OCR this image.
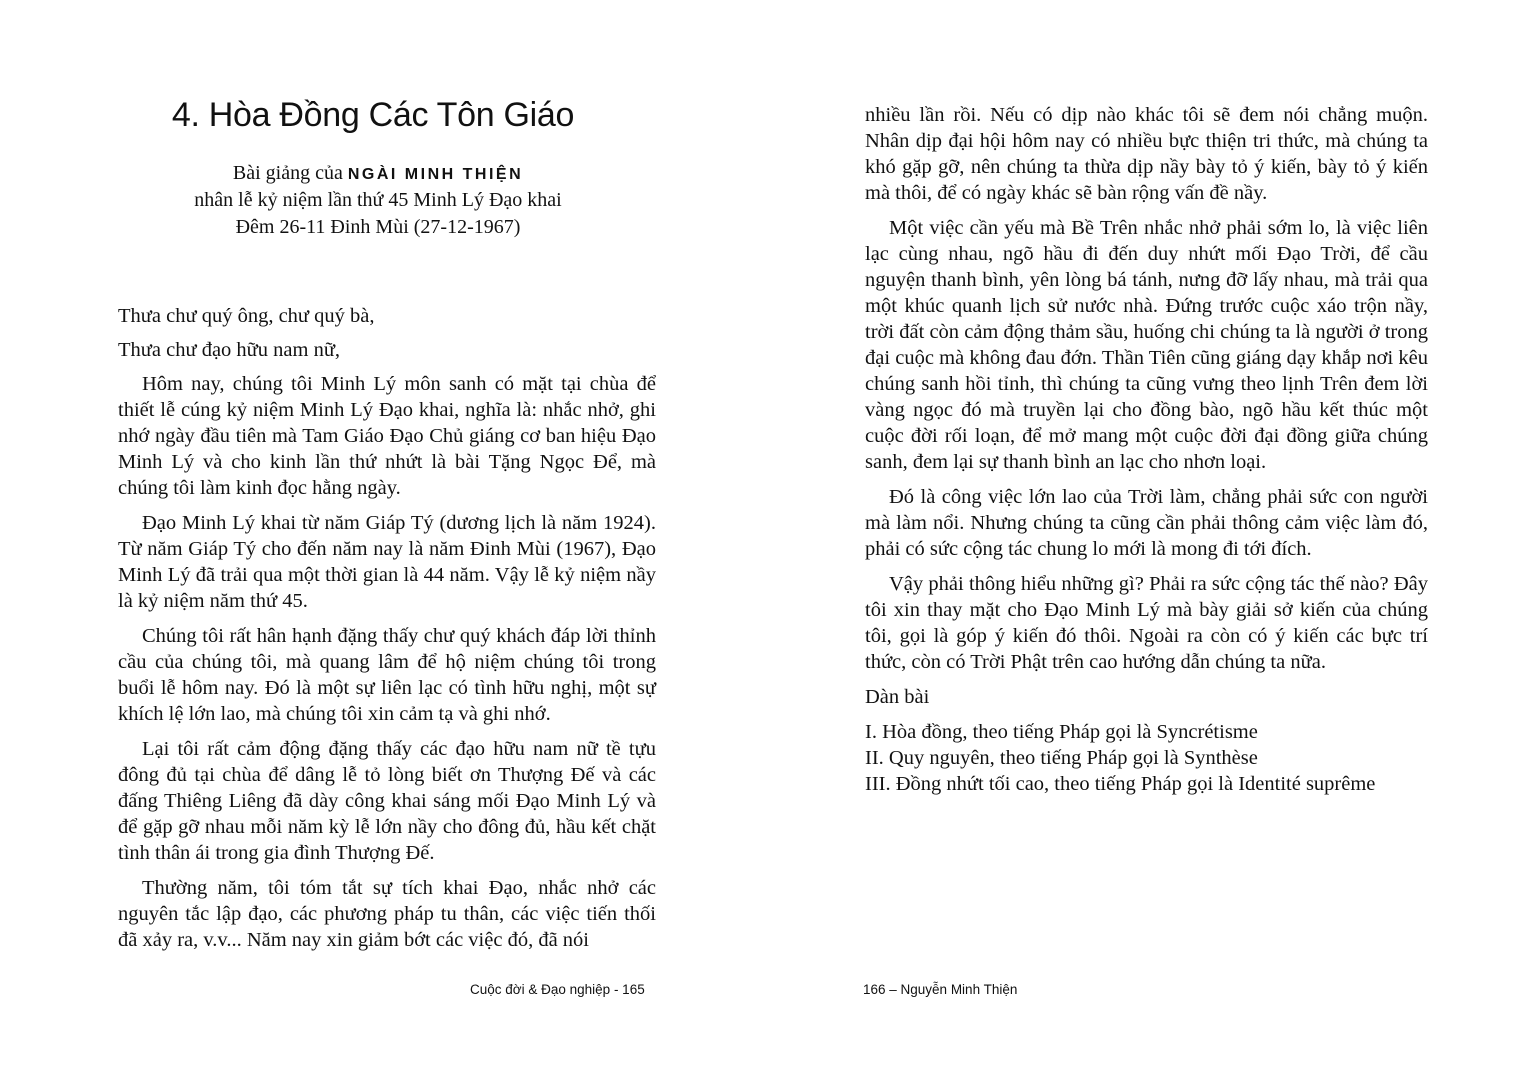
4. Hòa Đồng Các Tôn Giáo
Bài giảng của NGÀI MINH THIỆN
nhân lễ kỷ niệm lần thứ 45 Minh Lý Đạo khai
Đêm 26-11 Đinh Mùi (27-12-1967)

Thưa chư quý ông, chư quý bà,

Thưa chư đạo hữu nam nữ,

Hôm nay, chúng tôi Minh Lý môn sanh có mặt tại chùa để thiết lễ cúng kỷ niệm Minh Lý Đạo khai, nghĩa là: nhắc nhở, ghi nhớ ngày đầu tiên mà Tam Giáo Đạo Chủ giáng cơ ban hiệu Đạo Minh Lý và cho kinh lần thứ nhứt là bài Tặng Ngọc Để, mà chúng tôi làm kinh đọc hằng ngày.

Đạo Minh Lý khai từ năm Giáp Tý (dương lịch là năm 1924). Từ năm Giáp Tý cho đến năm nay là năm Đinh Mùi (1967), Đạo Minh Lý đã trải qua một thời gian là 44 năm. Vậy lễ kỷ niệm nầy là kỷ niệm năm thứ 45.

Chúng tôi rất hân hạnh đặng thấy chư quý khách đáp lời thỉnh cầu của chúng tôi, mà quang lâm để hộ niệm chúng tôi trong buổi lễ hôm nay. Đó là một sự liên lạc có tình hữu nghị, một sự khích lệ lớn lao, mà chúng tôi xin cảm tạ và ghi nhớ.

Lại tôi rất cảm động đặng thấy các đạo hữu nam nữ tề tựu đông đủ tại chùa để dâng lễ tỏ lòng biết ơn Thượng Đế và các đấng Thiêng Liêng đã dày công khai sáng mối Đạo Minh Lý và để gặp gỡ nhau mỗi năm kỳ lễ lớn nầy cho đông đủ, hầu kết chặt tình thân ái trong gia đình Thượng Đế.

Thường năm, tôi tóm tắt sự tích khai Đạo, nhắc nhở các nguyên tắc lập đạo, các phương pháp tu thân, các việc tiến thối đã xảy ra, v.v... Năm nay xin giảm bớt các việc đó, đã nói

Cuộc đời & Đạo nghiệp - 165

nhiều lần rồi. Nếu có dịp nào khác tôi sẽ đem nói chẳng muộn. Nhân dịp đại hội hôm nay có nhiều bực thiện tri thức, mà chúng ta khó gặp gỡ, nên chúng ta thừa dịp nầy bày tỏ ý kiến, bày tỏ ý kiến mà thôi, để có ngày khác sẽ bàn rộng vấn đề nầy.

Một việc cần yếu mà Bề Trên nhắc nhở phải sớm lo, là việc liên lạc cùng nhau, ngõ hầu đi đến duy nhứt mối Đạo Trời, để cầu nguyện thanh bình, yên lòng bá tánh, nưng đỡ lấy nhau, mà trải qua một khúc quanh lịch sử nước nhà. Đứng trước cuộc xáo trộn nầy, trời đất còn cảm động thảm sầu, huống chi chúng ta là người ở trong đại cuộc mà không đau đớn. Thần Tiên cũng giáng dạy khắp nơi kêu chúng sanh hồi tỉnh, thì chúng ta cũng vưng theo lịnh Trên đem lời vàng ngọc đó mà truyền lại cho đồng bào, ngõ hầu kết thúc một cuộc đời rối loạn, để mở mang một cuộc đời đại đồng giữa chúng sanh, đem lại sự thanh bình an lạc cho nhơn loại.

Đó là công việc lớn lao của Trời làm, chẳng phải sức con người mà làm nổi. Nhưng chúng ta cũng cần phải thông cảm việc làm đó, phải có sức cộng tác chung lo mới là mong đi tới đích.

Vậy phải thông hiểu những gì? Phải ra sức cộng tác thế nào? Đây tôi xin thay mặt cho Đạo Minh Lý mà bày giải sở kiến của chúng tôi, gọi là góp ý kiến đó thôi. Ngoài ra còn có ý kiến các bực trí thức, còn có Trời Phật trên cao hướng dẫn chúng ta nữa.

Dàn bài

I. Hòa đồng, theo tiếng Pháp gọi là Syncrétisme

II. Quy nguyên, theo tiếng Pháp gọi là Synthèse

III. Đồng nhứt tối cao, theo tiếng Pháp gọi là Identité suprême

166 – Nguyễn Minh Thiện
